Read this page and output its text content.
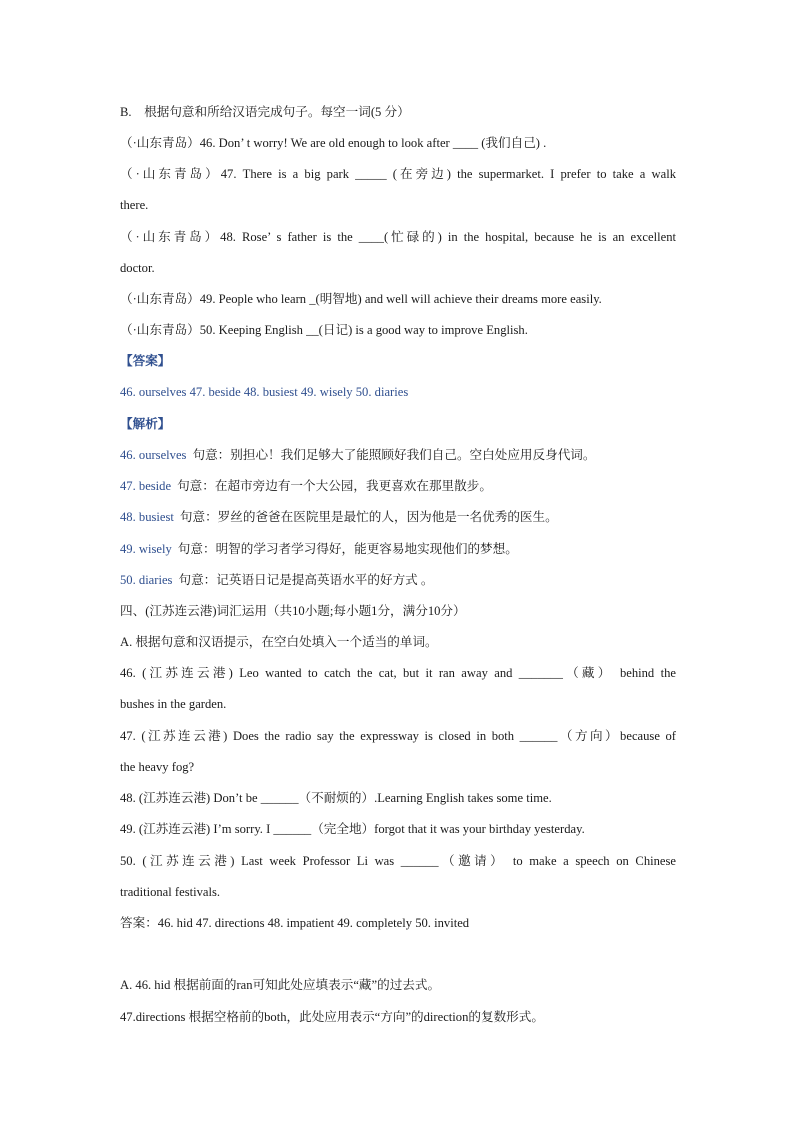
B.　根据句意和所给汉语完成句子。每空一词(5 分）
（·山东青岛）46. Don’ t worry! We are old enough to look after ____ (我们自己) .
（·山东青岛）47. There is a big park _____ (在旁边) the supermarket. I prefer to take a walk
there.
（·山东青岛）48. Rose’ s father is the ____(忙碌的) in the hospital, because he is an excellent
doctor.
（·山东青岛）49. People who learn _(明智地) and well will achieve their dreams more easily.
（·山东青岛）50. Keeping English __(日记) is a good way to improve English.
【答案】
46. ourselves 47. beside 48. busiest 49. wisely 50. diaries
【解析】
46. ourselves 句意：别担心！我们足够大了能照顾好我们自己。空白处应用反身代词。
47. beside 句意：在超市旁边有一个大公园，我更喜欢在那里散步。
48. busiest 句意：罗丝的爸爸在医院里是最忙的人，因为他是一名优秀的医生。
49. wisely 句意：明智的学习者学习得好，能更容易地实现他们的梦想。
50. diaries 句意：记英语日记是提高英语水平的好方式 。
四、(江苏连云港)词汇运用（共10小题;每小题1分，满分10分）
A. 根据句意和汉语提示，在空白处填入一个适当的单词。
46. (江苏连云港) Leo wanted to catch the cat, but it ran away and _______（藏） behind the
bushes in the garden.
47. (江苏连云港) Does the radio say the expressway is closed in both ______（方向）because of
the heavy fog?
48. (江苏连云港) Don’t be ______（不耐烦的）.Learning English takes some time.
49. (江苏连云港) I’m sorry. I ______（完全地）forgot that it was your birthday yesterday.
50. (江苏连云港) Last week Professor Li was ______（邀请） to make a speech on Chinese
traditional festivals.
答案：46. hid 47. directions 48. impatient 49. completely 50. invited
A. 46. hid 根据前面的ran可知此处应填表示“藏”的过去式。
47.directions 根据空格前的both，此处应用表示“方向”的direction的复数形式。
